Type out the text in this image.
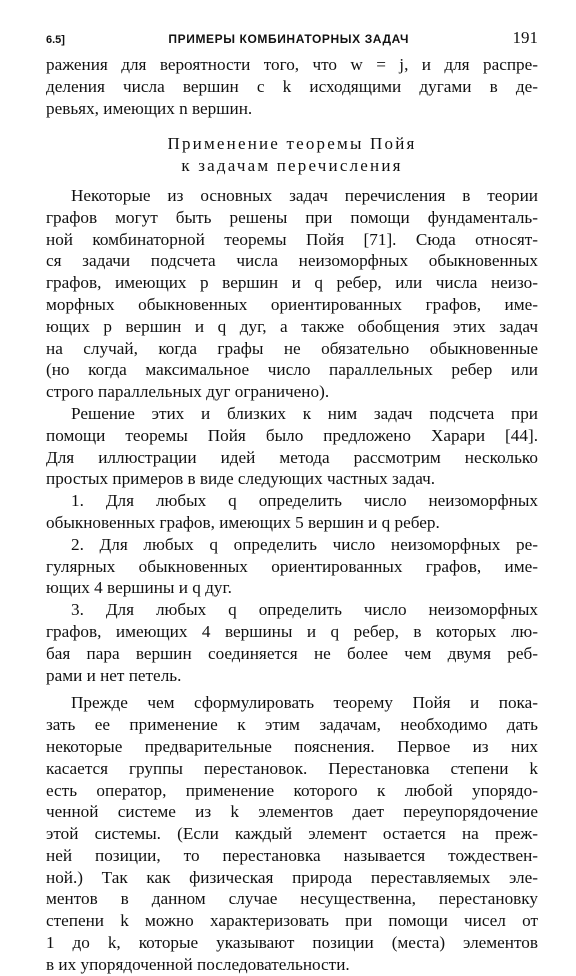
6.5]	ПРИМЕРЫ КОМБИНАТОРНЫХ ЗАДАЧ	191
ражения для вероятности того, что w = j, и для распре-
деления числа вершин с k исходящими дугами в де-
ревьях, имеющих n вершин.
Применение теоремы Пойя
к задачам перечисления
Некоторые из основных задач перечисления в теории
графов могут быть решены при помощи фундаменталь-
ной комбинаторной теоремы Пойя [71]. Сюда относят-
ся задачи подсчета числа неизоморфных обыкновенных
графов, имеющих p вершин и q ребер, или числа неизо-
морфных обыкновенных ориентированных графов, име-
ющих p вершин и q дуг, а также обобщения этих задач
на случай, когда графы не обязательно обыкновенные
(но когда максимальное число параллельных ребер или
строго параллельных дуг ограничено).
Решение этих и близких к ним задач подсчета при
помощи теоремы Пойя было предложено Харари [44].
Для иллюстрации идей метода рассмотрим несколько
простых примеров в виде следующих частных задач.
1. Для любых q определить число неизоморфных
обыкновенных графов, имеющих 5 вершин и q ребер.
2. Для любых q определить число неизоморфных ре-
гулярных обыкновенных ориентированных графов, име-
ющих 4 вершины и q дуг.
3. Для любых q определить число неизоморфных
графов, имеющих 4 вершины и q ребер, в которых лю-
бая пара вершин соединяется не более чем двумя реб-
рами и нет петель.
Прежде чем сформулировать теорему Пойя и пока-
зать ее применение к этим задачам, необходимо дать
некоторые предварительные пояснения. Первое из них
касается группы перестановок. Перестановка степени k
есть оператор, применение которого к любой упорядо-
ченной системе из k элементов дает переупорядочение
этой системы. (Если каждый элемент остается на преж-
ней позиции, то перестановка называется тождествен-
ной.) Так как физическая природа переставляемых эле-
ментов в данном случае несущественна, перестановку
степени k можно характеризовать при помощи чисел от
1 до k, которые указывают позиции (места) элементов
в их упорядоченной последовательности.
